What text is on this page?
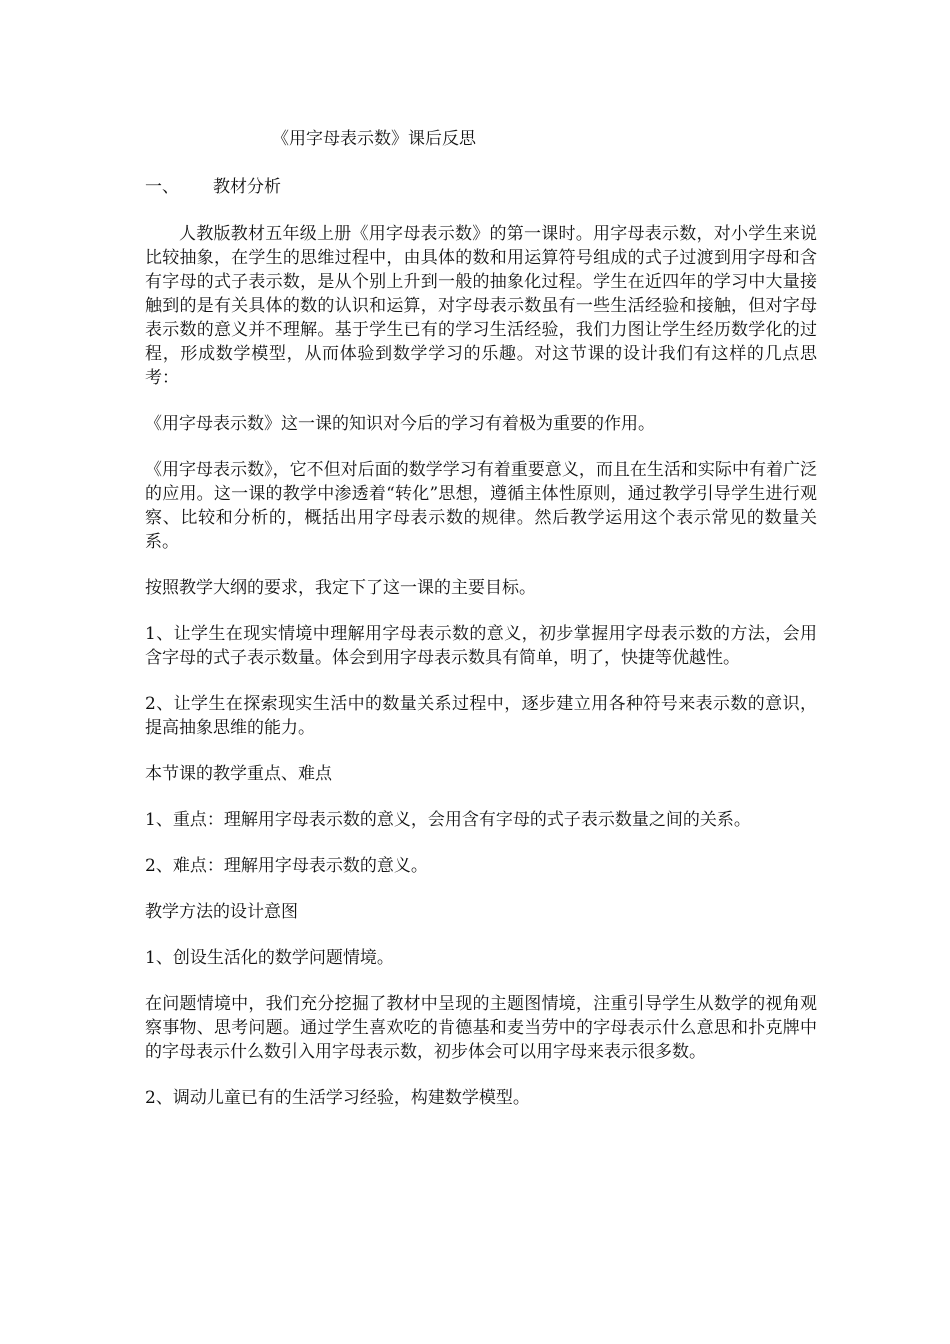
《用字母表示数》课后反思
一、 教材分析

人教版教材五年级上册《用字母表示数》的第一课时。用字母表示数，对小学生来说比较抽象，在学生的思维过程中，由具体的数和用运算符号组成的式子过渡到用字母和含有字母的式子表示数，是从个别上升到一般的抽象化过程。学生在近四年的学习中大量接触到的是有关具体的数的认识和运算，对字母表示数虽有一些生活经验和接触，但对字母表示数的意义并不理解。基于学生已有的学习生活经验，我们力图让学生经历数学化的过程，形成数学模型，从而体验到数学学习的乐趣。对这节课的设计我们有这样的几点思考：

《用字母表示数》这一课的知识对今后的学习有着极为重要的作用。

《用字母表示数》，它不但对后面的数学学习有着重要意义，而且在生活和实际中有着广泛的应用。这一课的教学中渗透着“转化”思想，遵循主体性原则，通过教学引导学生进行观察、比较和分析的，概括出用字母表示数的规律。然后教学运用这个表示常见的数量关系。

按照教学大纲的要求，我定下了这一课的主要目标。

1、让学生在现实情境中理解用字母表示数的意义，初步掌握用字母表示数的方法，会用含字母的式子表示数量。体会到用字母表示数具有简单，明了，快捷等优越性。

2、让学生在探索现实生活中的数量关系过程中，逐步建立用各种符号来表示数的意识，提高抽象思维的能力。

本节课的教学重点、难点

1、重点：理解用字母表示数的意义，会用含有字母的式子表示数量之间的关系。

2、难点：理解用字母表示数的意义。

教学方法的设计意图

1、创设生活化的数学问题情境。

在问题情境中，我们充分挖掘了教材中呈现的主题图情境，注重引导学生从数学的视角观察事物、思考问题。通过学生喜欢吃的肯德基和麦当劳中的字母表示什么意思和扑克牌中的字母表示什么数引入用字母表示数，初步体会可以用字母来表示很多数。

2、调动儿童已有的生活学习经验，构建数学模型。
